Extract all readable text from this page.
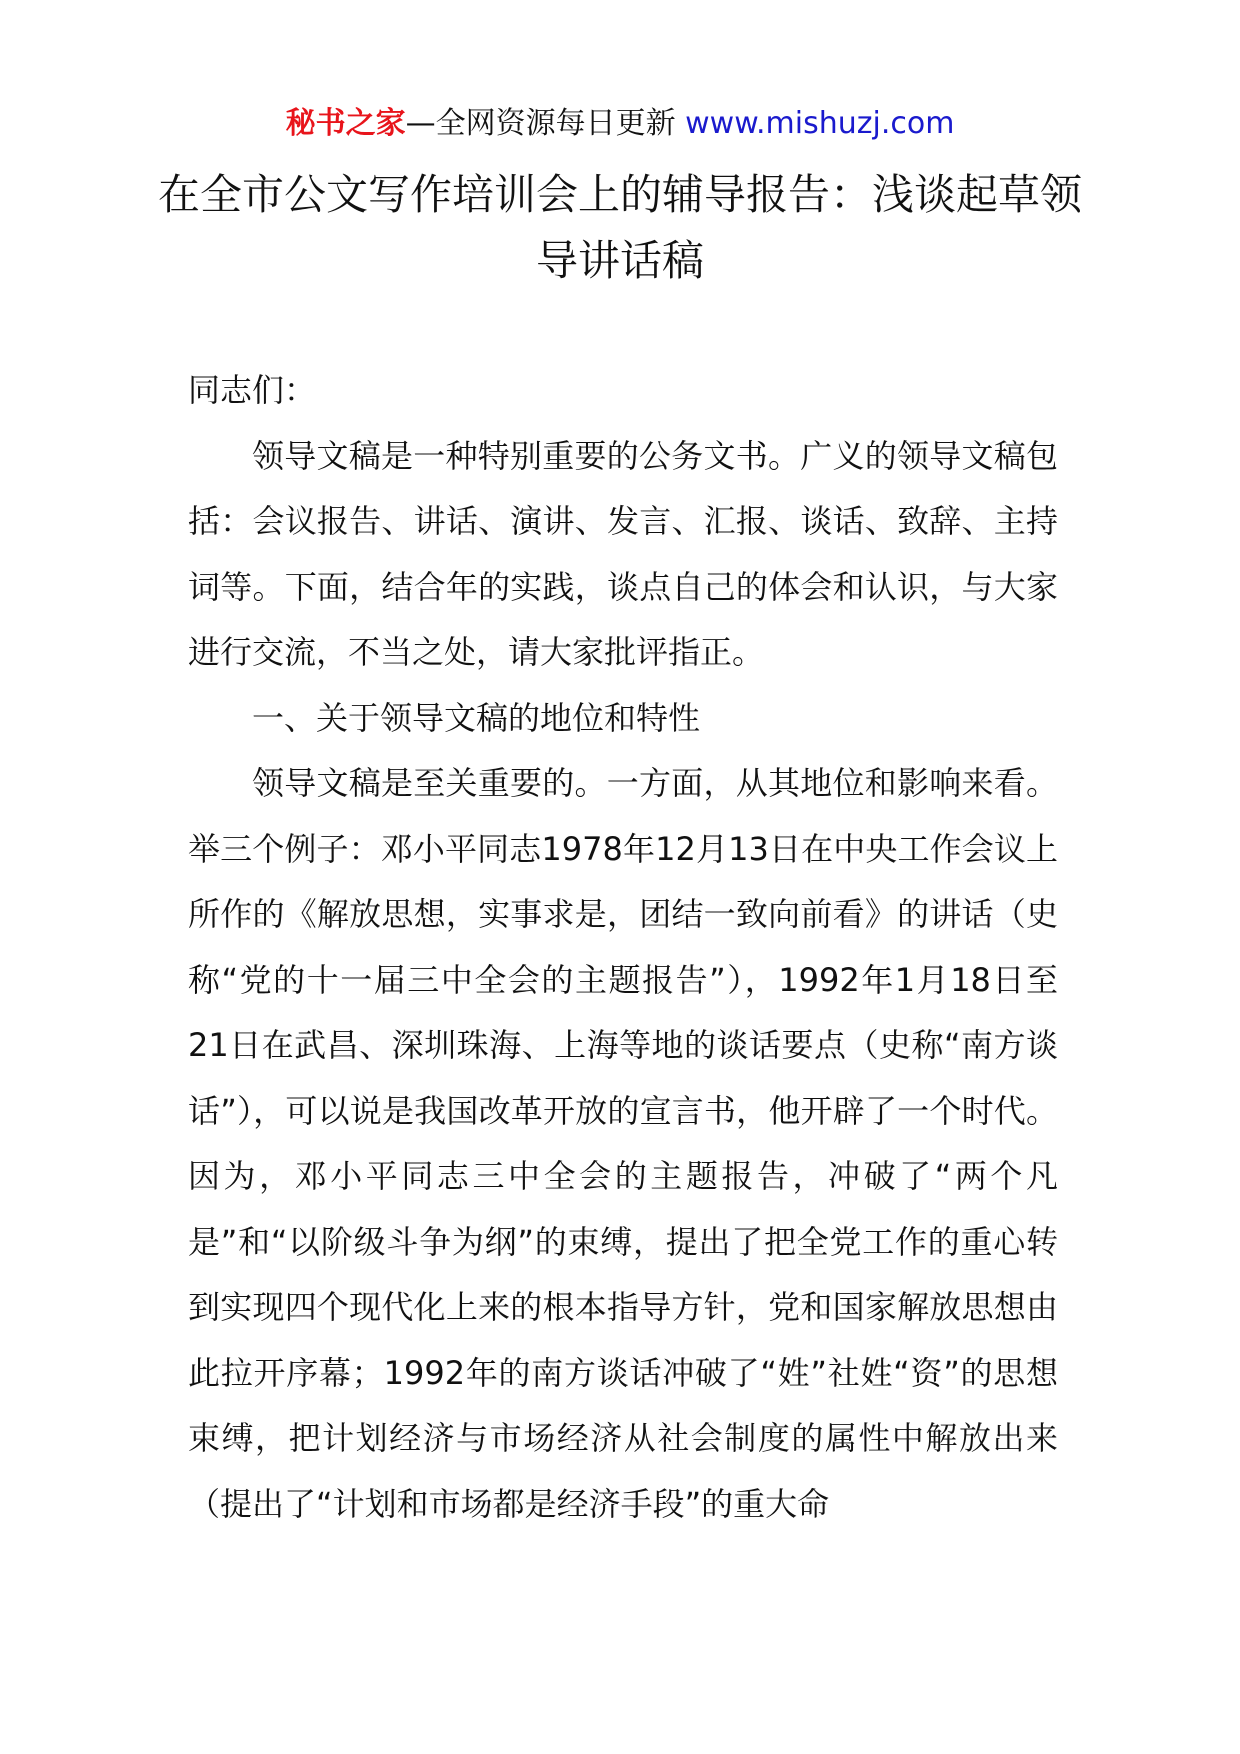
秘书之家—全网资源每日更新 www.mishuzj.com
在全市公文写作培训会上的辅导报告：浅谈起草领导讲话稿

同志们：

领导文稿是一种特别重要的公务文书。广义的领导文稿包括：会议报告、讲话、演讲、发言、汇报、谈话、致辞、主持词等。下面，结合年的实践，谈点自己的体会和认识，与大家进行交流，不当之处，请大家批评指正。

一、关于领导文稿的地位和特性

领导文稿是至关重要的。一方面，从其地位和影响来看。举三个例子：邓小平同志1978年12月13日在中央工作会议上所作的《解放思想，实事求是，团结一致向前看》的讲话（史称“党的十一届三中全会的主题报告”），1992年1月18日至21日在武昌、深圳珠海、上海等地的谈话要点（史称“南方谈话”），可以说是我国改革开放的宣言书，他开辟了一个时代。因为，邓小平同志三中全会的主题报告，冲破了“两个凡是”和“以阶级斗争为纲”的束缚，提出了把全党工作的重心转到实现四个现代化上来的根本指导方针，党和国家解放思想由此拉开序幕；1992年的南方谈话冲破了“姓”社姓“资”的思想束缚，把计划经济与市场经济从社会制度的属性中解放出来（提出了“计划和市场都是经济手段”的重大命
